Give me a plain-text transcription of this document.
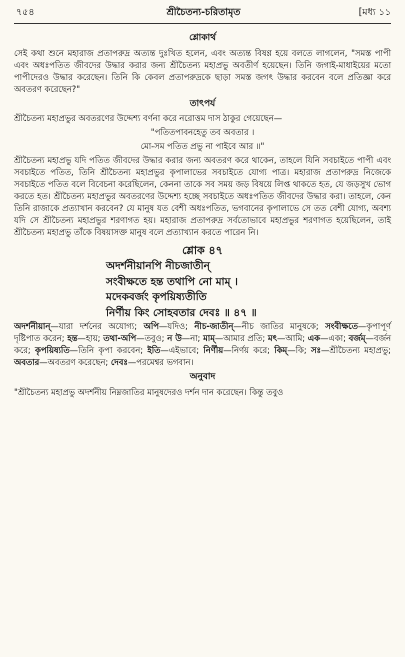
৭৫৪	শ্রীচৈতন্য-চরিতামৃত	[মধ্য ১১
শ্লোকার্থ

সেই কথা শুনে মহারাজ প্রতাপরুদ্র অত্যন্ত দুঃখিত হলেন, এবং অত্যন্ত বিষণ্ণ হয়ে বলতে লাগলেন, "সমস্ত পাপী এবং অধঃপতিত জীবদের উদ্ধার করার জন্য শ্রীচৈতন্য মহাপ্রভু অবতীর্ণ হয়েছেন। তিনি জগাই-মাধাইয়ের মতো পাপীদেরও উদ্ধার করেছেন। তিনি কি কেবল প্রতাপরুদ্রকে ছাড়া সমস্ত জগৎ উদ্ধার করবেন বলে প্রতিজ্ঞা করে অবতরণ করেছেন?"

তাৎপর্য

শ্রীচৈতন্য মহাপ্রভুর অবতরণের উদ্দেশ্য বর্ণনা করে নরোত্তম দাস ঠাকুর গেয়েছেন—

"পতিতপাবনহেতু তব অবতার ।
মো-সম পতিত প্রভু না পাইবে আর ॥"

শ্রীচৈতন্য মহাপ্রভু যদি পতিত জীবদের উদ্ধার করার জন্য অবতরণ করে থাকেন, তাহলে যিনি সবচাইতে পাপী এবং সবচাইতে পতিত, তিনি শ্রীচৈতন্য মহাপ্রভুর কৃপালাভের সবচাইতে যোগ্য পাত্র। মহারাজ প্রতাপরুদ্র নিজেকে সবচাইতে পতিত বলে বিবেচনা করেছিলেন, কেননা তাকে সব সময় জড় বিষয়ে লিপ্ত থাকতে হত, যে জড়সুখ ভোগ করতে হত। শ্রীচৈতন্য মহাপ্রভুর অবতরণের উদ্দেশ্য হচ্ছে সবচাইতে অধঃপতিত জীবদের উদ্ধার করা। তাহলে, কেন তিনি রাজাকে প্রত্যাখান করবেন? যে মানুষ যত বেশী অধঃপতিত, ভগবানের কৃপালাভে সে তত বেশী যোগ্য, অবশ্য যদি সে শ্রীচৈতন্য মহাপ্রভুর শরণাগত হয়। মহারাজ প্রতাপরুদ্র সর্বতোভাবে মহাপ্রভুর শরণাগত হয়েছিলেন, তাই শ্রীচৈতন্য মহাপ্রভু তাঁকে বিষয়াসক্ত মানুষ বলে প্রত্যাখ্যান করতে পারেন নি।

শ্লোক ৪৭
অদর্শনীয়ানপি নীচজাতীন্
সংবীক্ষতে হন্ত তথাপি নো মাম্ ।
মদেকবর্জং কৃপয়িষ্যতীতি
নির্ণীয় কিং সোহবতার দেবঃ ॥ ৪৭ ॥

অদর্শনীয়ান্—যারা দর্শনের অযোগ্য; অপি—যদিও; নীচ-জাতীন্—নীচ জাতির মানুষকে; সংবীক্ষতে—কৃপাপূর্ণ দৃষ্টিপাত করেন; হন্ত—হায়; তথা-অপি—তবুও; ন উ—না; মাম্—আমার প্রতি; মৎ—আমি; এক—একা; বর্জম্—বর্জন করে; কৃপয়িষ্যতি—তিনি কৃপা করবেন; ইতি—এইভাবে; নির্ণীয়—নির্ণয় করে; কিম্—কি; সঃ—শ্রীচৈতন্য মহাপ্রভু; অবতার—অবতরণ করেছেন; দেবঃ—পরমেশ্বর ভগবান।

অনুবাদ

"শ্রীচৈতন্য মহাপ্রভু অদর্শনীয় নিম্নজাতির মানুষদেরও দর্শন দান করেছেন। কিন্তু তবুও
